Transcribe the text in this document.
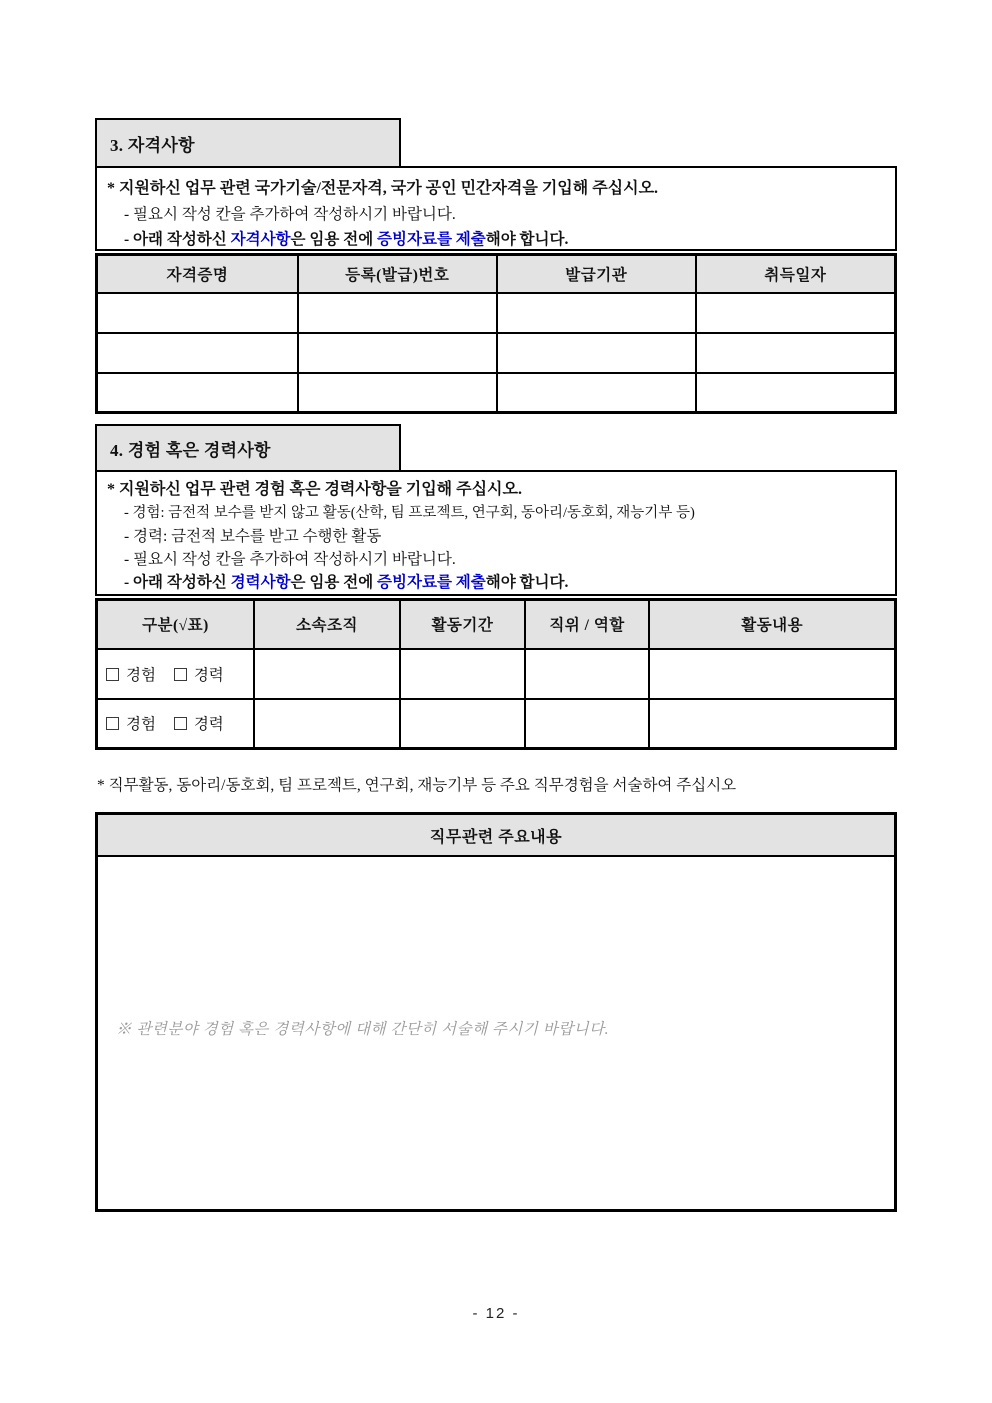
3. 자격사항
* 지원하신 업무 관련 국가기술/전문자격, 국가 공인 민간자격을 기입해 주십시오.
- 필요시 작성 칸을 추가하여 작성하시기 바랍니다.
- 아래 작성하신 자격사항은 임용 전에 증빙자료를 제출해야 합니다.
자격증명	등록(발급)번호	발급기관	취득일자

4. 경험 혹은 경력사항
* 지원하신 업무 관련 경험 혹은 경력사항을 기입해 주십시오.
- 경험: 금전적 보수를 받지 않고 활동(산학, 팀 프로젝트, 연구회, 동아리/동호회, 재능기부 등)
- 경력: 금전적 보수를 받고 수행한 활동
- 필요시 작성 칸을 추가하여 작성하시기 바랍니다.
- 아래 작성하신 경력사항은 임용 전에 증빙자료를 제출해야 합니다.
구분(√표)	소속조직	활동기간	직위 / 역할	활동내용
경험 경력				
경험 경력				
* 직무활동, 동아리/동호회, 팀 프로젝트, 연구회, 재능기부 등 주요 직무경험을 서술하여 주십시오
직무관련 주요내용
※ 관련분야 경험 혹은 경력사항에 대해 간단히 서술해 주시기 바랍니다.
- 12 -
